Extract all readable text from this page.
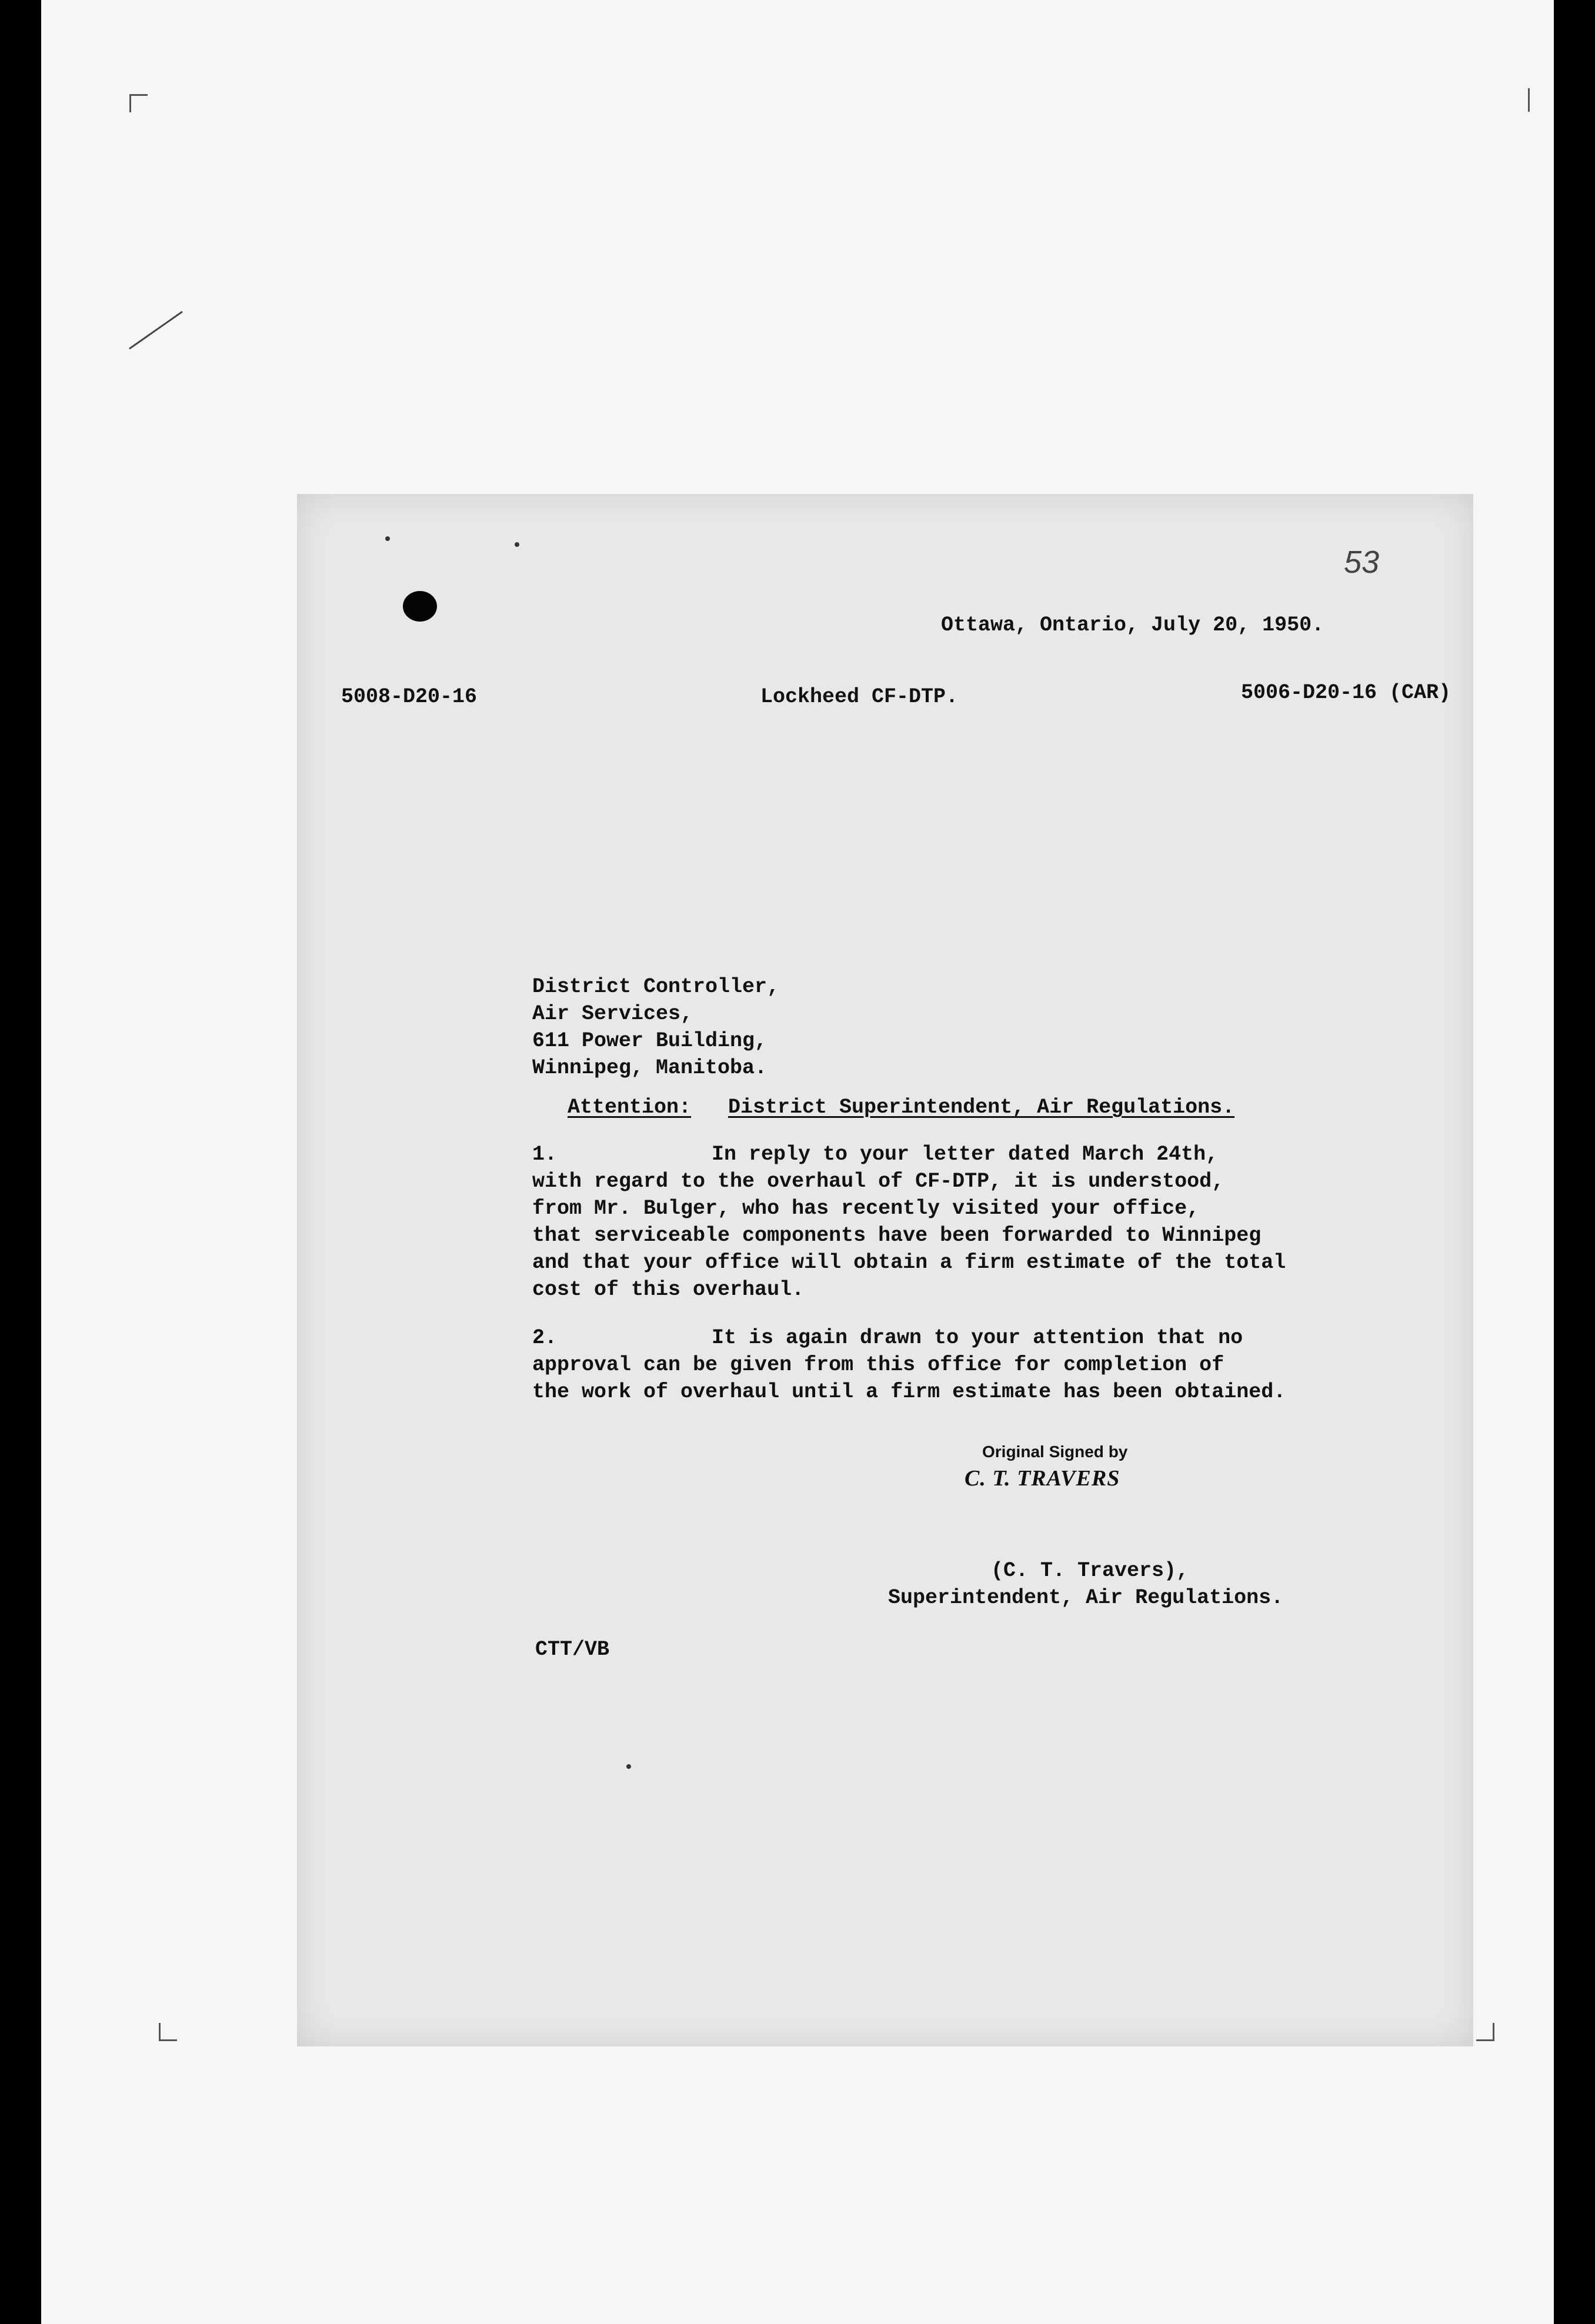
53

Ottawa, Ontario, July 20, 1950.

5008-D20-16	Lockheed CF-DTP.	5006-D20-16 (CAR)

District Controller,

Air Services,

611 Power Building,

Winnipeg, Manitoba.

Attention: District Superintendent, Air Regulations.

1.	In reply to your letter dated March 24th,

with regard to the overhaul of CF-DTP, it is understood,

from Mr. Bulger, who has recently visited your office,

that serviceable components have been forwarded to Winnipeg

and that your office will obtain a firm estimate of the total

cost of this overhaul.

2.	It is again drawn to your attention that no

approval can be given from this office for completion of

the work of overhaul until a firm estimate has been obtained.

Original Signed by
C. T. TRAVERS

(C. T. Travers),

Superintendent, Air Regulations.

CTT/VB
